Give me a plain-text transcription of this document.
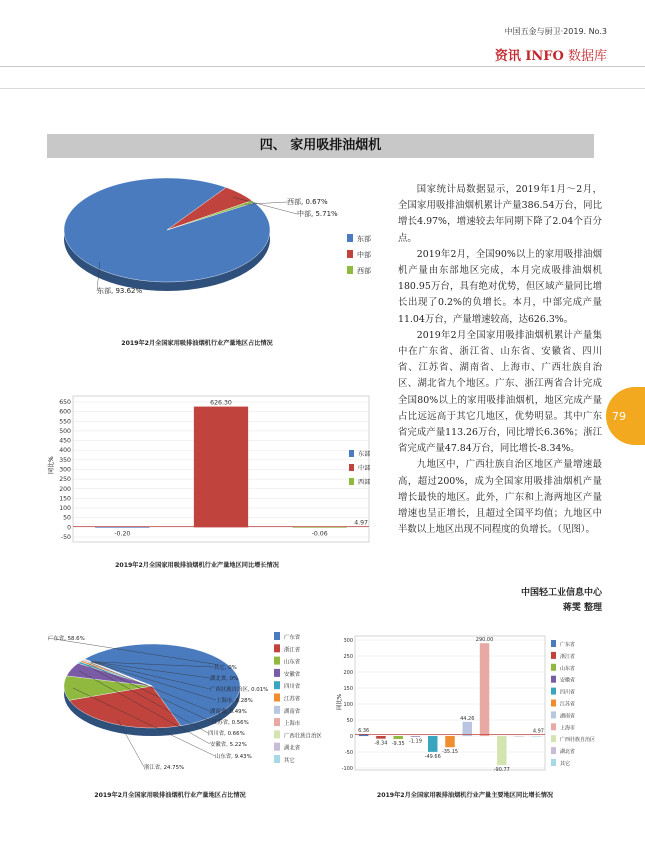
中国五金与厨卫·2019. No.3
资讯 INFO 数据库
四、 家用吸排油烟机

国家统计局数据显示，2019年1月～2月，全国家用吸排油烟机累计产量386.54万台，同比增长4.97%，增速较去年同期下降了2.04个百分点。

2019年2月，全国90%以上的家用吸排油烟机产量由东部地区完成，本月完成吸排油烟机180.95万台，具有绝对优势，但区域产量同比增长出现了0.2%的负增长。本月，中部完成产量11.04万台，产量增速较高，达626.3%。

2019年2月全国家用吸排油烟机累计产量集中在广东省、浙江省、山东省、安徽省、四川省、江苏省、湖南省、上海市、广西壮族自治区、湖北省九个地区。广东、浙江两省合计完成全国80%以上的家用吸排油烟机，地区完成产量占比远远高于其它几地区，优势明显。其中广东省完成产量113.26万台，同比增长6.36%；浙江省完成产量47.84万台，同比增长-8.34%。

九地区中，广西壮族自治区地区产量增速最高，超过200%，成为全国家用吸排油烟机产量增长最快的地区。此外，广东和上海两地区产量增速也呈正增长，且超过全国平均值；九地区中半数以上地区出现不同程度的负增长。（见图）。

中国轻工业信息中心
蒋雯 整理
79
东部, 93.62%
中部, 5.71%
西部, 0.67%
东部
中部
西部
2019年2月全国家用吸排油烟机行业产量地区占比情况
650
600
550
500
450
400
350
300
250
200
150
100
50
0
-50	-0.20
626.30
-0.06
4.97
东部
中部
西部
同比%
2019年2月全国家用吸排油烟机行业产量地区同比增长情况
广东省, 58.6%
浙江省, 24.75%
山东省, 9.43%
安徽省, 5.22%
四川省, 0.66%
江苏省, 0.56%
湖南省, 0.49%
上海市, 0.28%
广西壮族自治区, 0.01%
湖北省, 0%
其它, 0%
广东省
浙江省
山东省
安徽省
四川省
江苏省
湖南省
上海市
广西壮族自治区
湖北省
其它
2019年2月全国家用吸排油烟机行业产量地区占比情况
300
250
200
150
100
50
0
-50
-100
6.36
-8.34 -9.35 -1.19
-49.66
-35.15
44.26
290.00
-90.77
4.97
广东省
浙江省
山东省
安徽省
四川省
江苏省
湖南省
上海市
广西壮族自治区
湖北省
其它
同比%
2019年2月全国家用吸排油烟机行业产量主要地区同比增长情况
